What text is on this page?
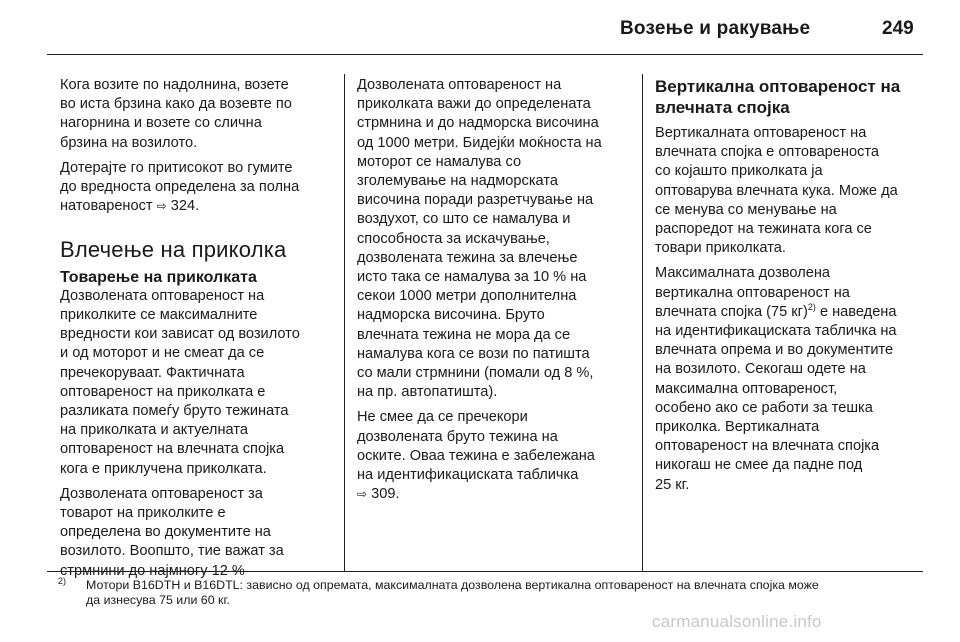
Возење и ракување	249

Кога возите по надолнина, возете
во иста брзина како да возевте по
нагорнина и возете со слична
брзина на возилото.

Дотерајте го притисокот во гумите
до вредноста определена за полна
натовареност ⇨ 324.

Влечење на приколка
Товарење на приколката

Дозволената оптовареност на
приколките се максималните
вредности кои зависат од возилото
и од моторот и не смеат да се
пречекоруваат. Фактичната
оптовареност на приколката е
разликата помеѓу бруто тежината
на приколката и актуелната
оптовареност на влечната спојка
кога е приклучена приколката.

Дозволената оптовареност за
товарот на приколките е
определена во документите на
возилото. Воопшто, тие важат за
стрмнини до најмногу 12 %

Дозволената оптовареност на
приколката важи до определената
стрмнина и до надморска височина
од 1000 метри. Бидејќи моќноста на
моторот се намалува со
зголемување на надморската
височина поради разретчување на
воздухот, со што се намалува и
способноста за искачување,
дозволената тежина за влечење
исто така се намалува за 10 % на
секои 1000 метри дополнителна
надморска височина. Бруто
влечната тежина не мора да се
намалува кога се вози по патишта
со мали стрмнини (помали од 8 %,
на пр. автопатишта).

Не смее да се пречекори
дозволената бруто тежина на
оските. Оваа тежина е забележана
на идентификациската табличка
⇨ 309.

Вертикална оптовареност на
влечната спојка

Вертикалната оптовареност на
влечната спојка е оптовареноста
со којашто приколката ја
оптоварува влечната кука. Може да
се менува со менување на
распоредот на тежината кога се
товари приколката.

Максималната дозволена
вертикална оптовареност на
влечната спојка (75 кг)$^{2)}$ е наведена
на идентификациската табличка на
влечната опрема и во документите
на возилото. Секогаш одете на
максимална оптовареност,
особено ако се работи за тешка
приколка. Вертикалната
оптовареност на влечната спојка
никогаш не смее да падне под
25 кг.

2) Мотори B16DTH и B16DTL: зависно од опремата, максималната дозволена вертикална оптовареност на влечната спојка може
да изнесува 75 или 60 кг.
carmanualsonline.info
